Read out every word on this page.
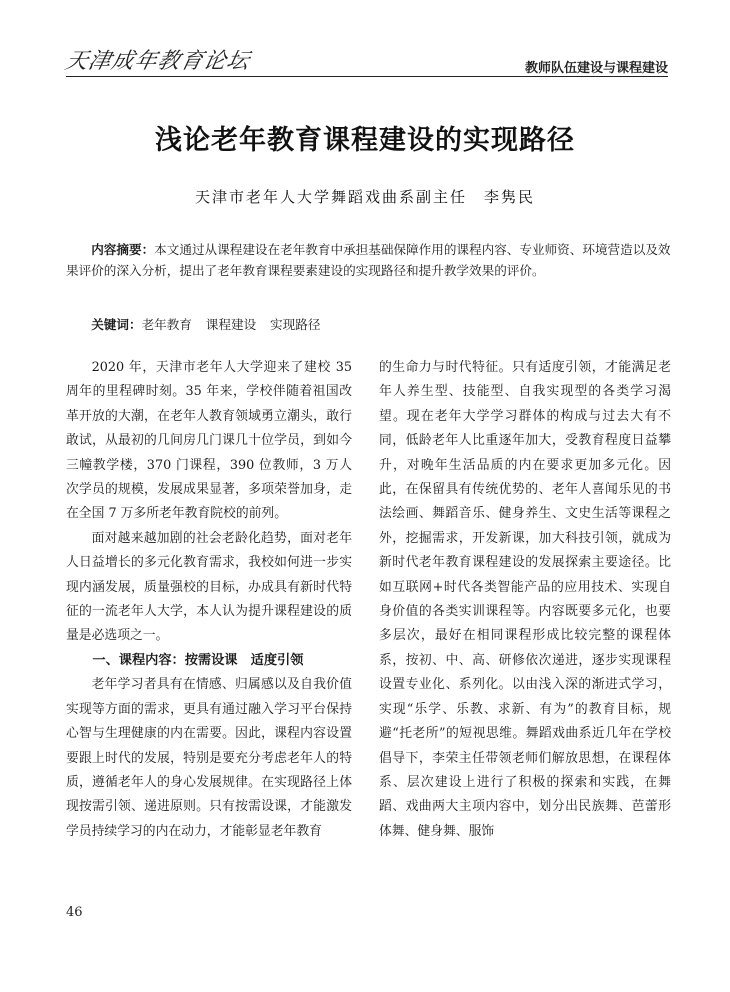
天津成年教育论坛	教师队伍建设与课程建设
浅论老年教育课程建设的实现路径
天津市老年人大学舞蹈戏曲系副主任　李隽民

内容摘要：本文通过从课程建设在老年教育中承担基础保障作用的课程内容、专业师资、环境营造以及效果评价的深入分析，提出了老年教育课程要素建设的实现路径和提升教学效果的评价。

关键词：老年教育 课程建设 实现路径

2020 年，天津市老年人大学迎来了建校 35 周年的里程碑时刻。35 年来，学校伴随着祖国改革开放的大潮，在老年人教育领域勇立潮头，敢行敢试，从最初的几间房几门课几十位学员，到如今三幢教学楼，370 门课程，390 位教师，3 万人次学员的规模，发展成果显著，多项荣誉加身，走在全国 7 万多所老年教育院校的前列。

面对越来越加剧的社会老龄化趋势，面对老年人日益增长的多元化教育需求，我校如何进一步实现内涵发展，质量强校的目标，办成具有新时代特征的一流老年人大学，本人认为提升课程建设的质量是必选项之一。

一、课程内容：按需设课　适度引领

老年学习者具有在情感、归属感以及自我价值实现等方面的需求，更具有通过融入学习平台保持心智与生理健康的内在需要。因此，课程内容设置要跟上时代的发展，特别是要充分考虑老年人的特质，遵循老年人的身心发展规律。在实现路径上体现按需引领、递进原则。只有按需设课，才能激发学员持续学习的内在动力，才能彰显老年教育

的生命力与时代特征。只有适度引领，才能满足老年人养生型、技能型、自我实现型的各类学习渴望。现在老年大学学习群体的构成与过去大有不同，低龄老年人比重逐年加大，受教育程度日益攀升，对晚年生活品质的内在要求更加多元化。因此，在保留具有传统优势的、老年人喜闻乐见的书法绘画、舞蹈音乐、健身养生、文史生活等课程之外，挖掘需求，开发新课，加大科技引领，就成为新时代老年教育课程建设的发展探索主要途径。比如互联网+时代各类智能产品的应用技术、实现自身价值的各类实训课程等。内容既要多元化，也要多层次，最好在相同课程形成比较完整的课程体系，按初、中、高、研修依次递进，逐步实现课程设置专业化、系列化。以由浅入深的渐进式学习，实现“乐学、乐教、求新、有为”的教育目标，规避“托老所”的短视思维。舞蹈戏曲系近几年在学校倡导下，李荣主任带领老师们解放思想，在课程体系、层次建设上进行了积极的探索和实践，在舞蹈、戏曲两大主项内容中，划分出民族舞、芭蕾形体舞、健身舞、服饰

46
